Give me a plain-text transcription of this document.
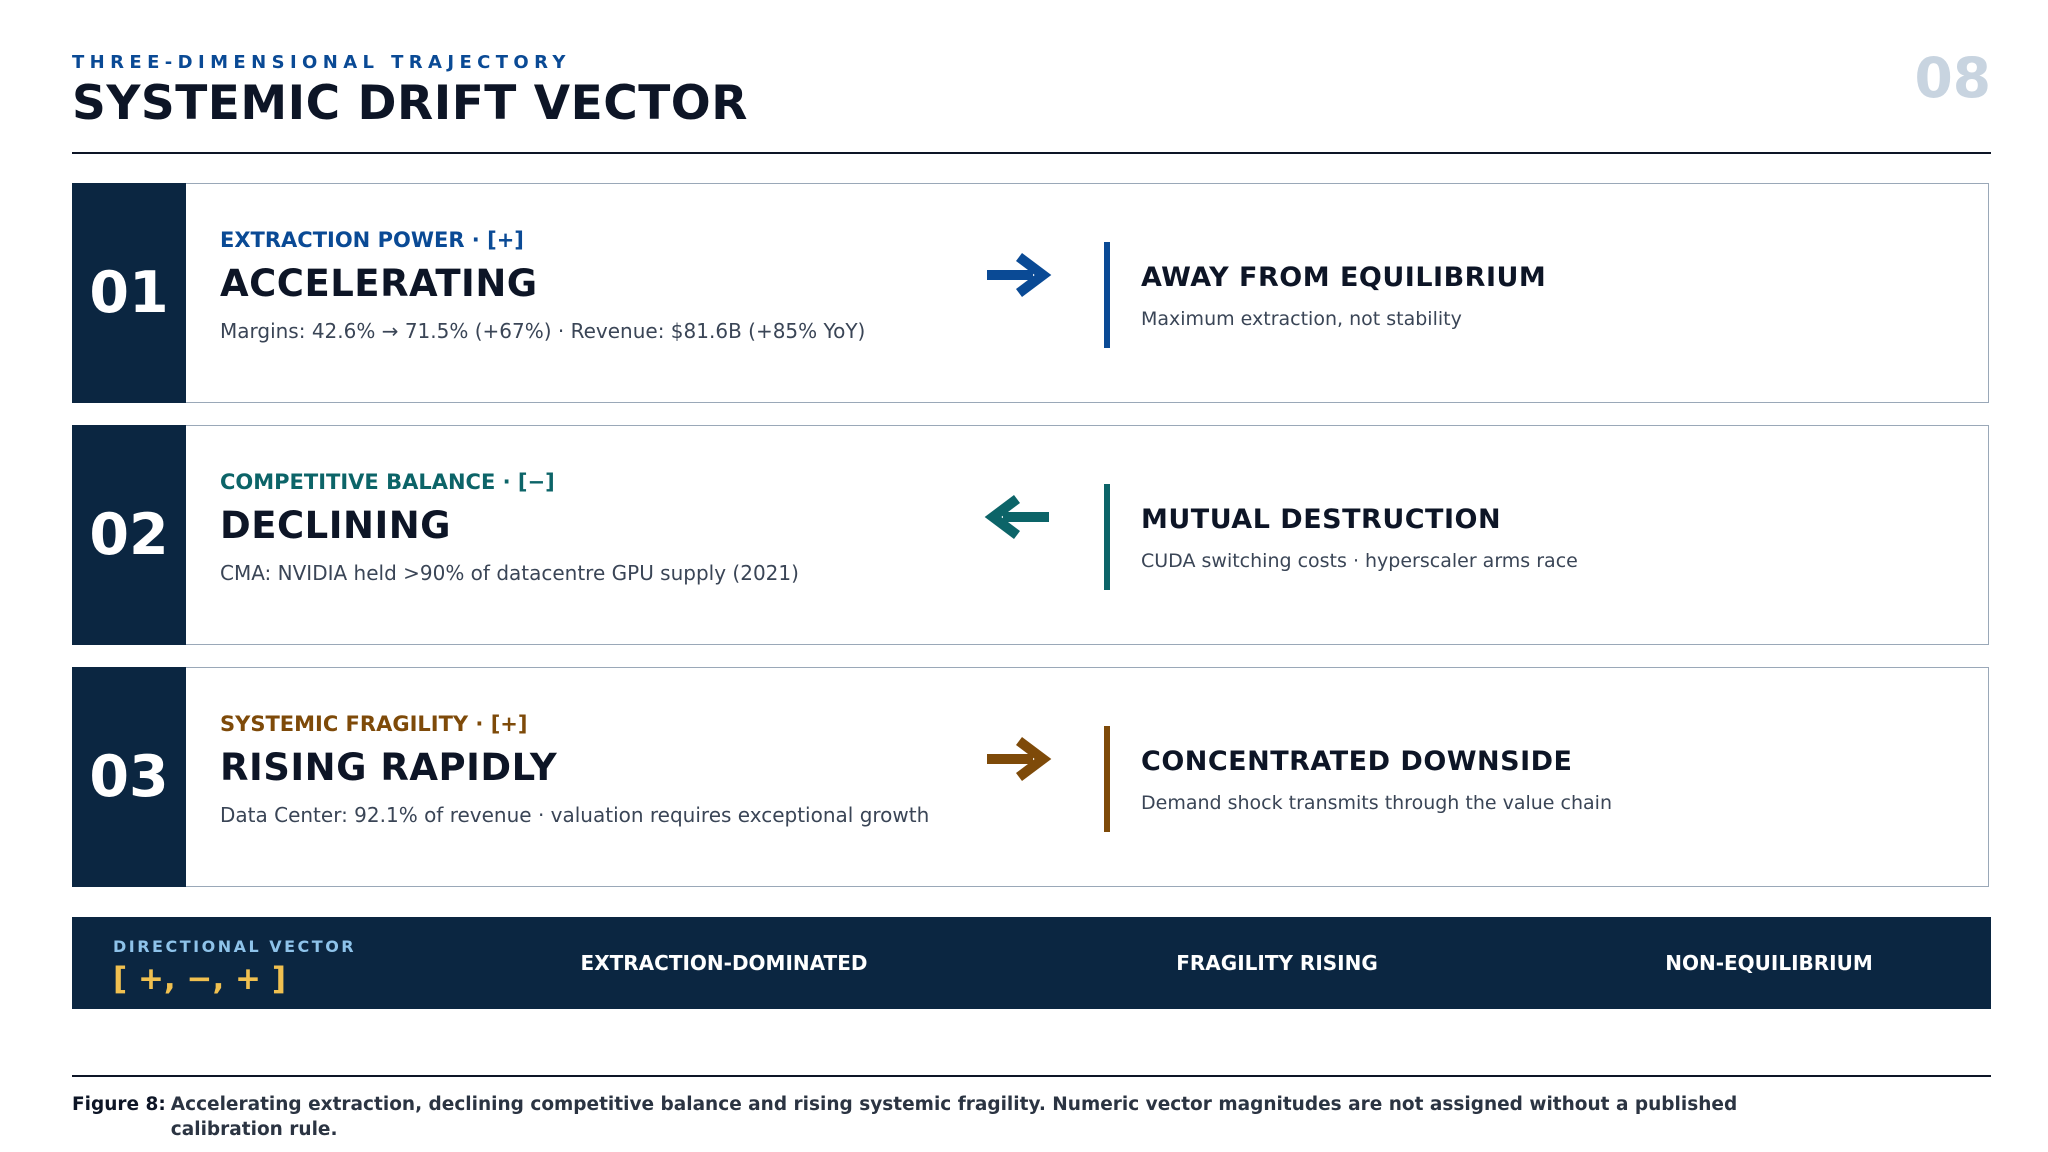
THREE-DIMENSIONAL TRAJECTORY
SYSTEMIC DRIFT VECTOR	08
01
EXTRACTION POWER · [+]
ACCELERATING
Margins: 42.6% → 71.5% (+67%) · Revenue: $81.6B (+85% YoY)
AWAY FROM EQUILIBRIUM
Maximum extraction, not stability
02
COMPETITIVE BALANCE · [−]
DECLINING
CMA: NVIDIA held >90% of datacentre GPU supply (2021)
MUTUAL DESTRUCTION
CUDA switching costs · hyperscaler arms race
03
SYSTEMIC FRAGILITY · [+]
RISING RAPIDLY
Data Center: 92.1% of revenue · valuation requires exceptional growth
CONCENTRATED DOWNSIDE
Demand shock transmits through the value chain
DIRECTIONAL VECTOR
[ +, −, + ]	EXTRACTION-DOMINATED	FRAGILITY RISING	NON-EQUILIBRIUM
Figure 8: Accelerating extraction, declining competitive balance and rising systemic fragility. Numeric vector magnitudes are not assigned without a published calibration rule.
